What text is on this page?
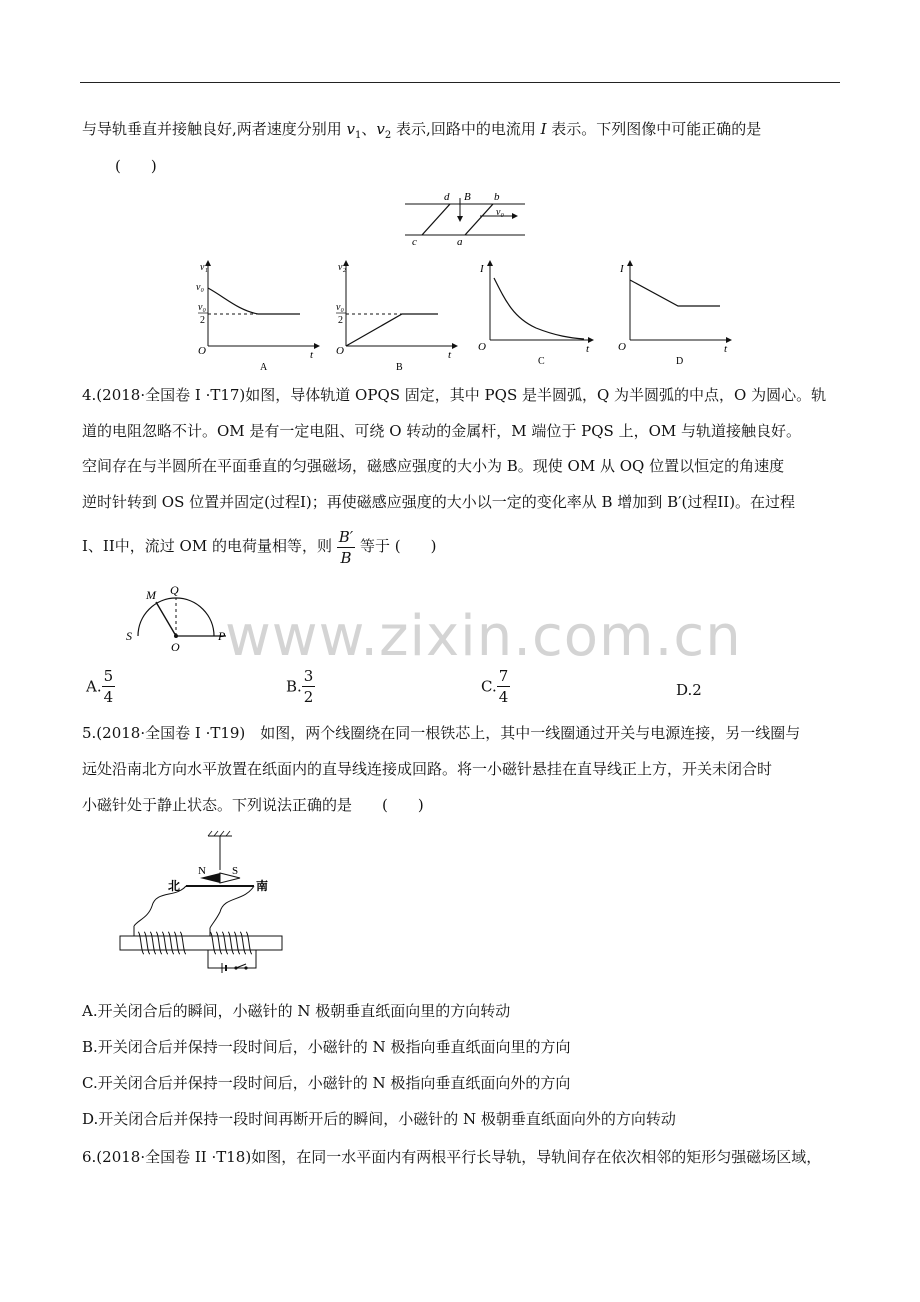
与导轨垂直并接触良好,两者速度分别用 $v_1$、$v_2$ 表示,回路中的电流用 I 表示。下列图像中可能正确的是
(　　)
d B b
v₀
c	a
v₁
v₀
v₀
2
O	t
A
v₂
v₀
2
O	t
B
I
O	t
C
I
O	t
D
4.(2018·全国卷 I ·T17)如图，导体轨道 OPQS 固定，其中 PQS 是半圆弧，Q 为半圆弧的中点，O 为圆心。轨
道的电阻忽略不计。OM 是有一定电阻、可绕 O 转动的金属杆，M 端位于 PQS 上，OM 与轨道接触良好。
空间存在与半圆所在平面垂直的匀强磁场，磁感应强度的大小为 B。现使 OM 从 OQ 位置以恒定的角速度
逆时针转到 OS 位置并固定(过程I)；再使磁感应强度的大小以一定的变化率从 B 增加到 B′(过程II)。在过程
I、II中，流过 OM 的电荷量相等，则 $\frac{B'}{B}$ 等于 (　　)
M Q
S
O
P www.zixin.com.cn
A. $\frac{5}{4}$	B. $\frac{3}{2}$	C. $\frac{7}{4}$	D.2
5.(2018·全国卷 I ·T19)　如图，两个线圈绕在同一根铁芯上，其中一线圈通过开关与电源连接，另一线圈与
远处沿南北方向水平放置在纸面内的直导线连接成回路。将一小磁针悬挂在直导线正上方，开关未闭合时
小磁针处于静止状态。下列说法正确的是　　(　　)
N S
北	南
A.开关闭合后的瞬间，小磁针的 N 极朝垂直纸面向里的方向转动
B.开关闭合后并保持一段时间后，小磁针的 N 极指向垂直纸面向里的方向
C.开关闭合后并保持一段时间后，小磁针的 N 极指向垂直纸面向外的方向
D.开关闭合后并保持一段时间再断开后的瞬间，小磁针的 N 极朝垂直纸面向外的方向转动
6.(2018·全国卷 II ·T18)如图，在同一水平面内有两根平行长导轨，导轨间存在依次相邻的矩形匀强磁场区域，
